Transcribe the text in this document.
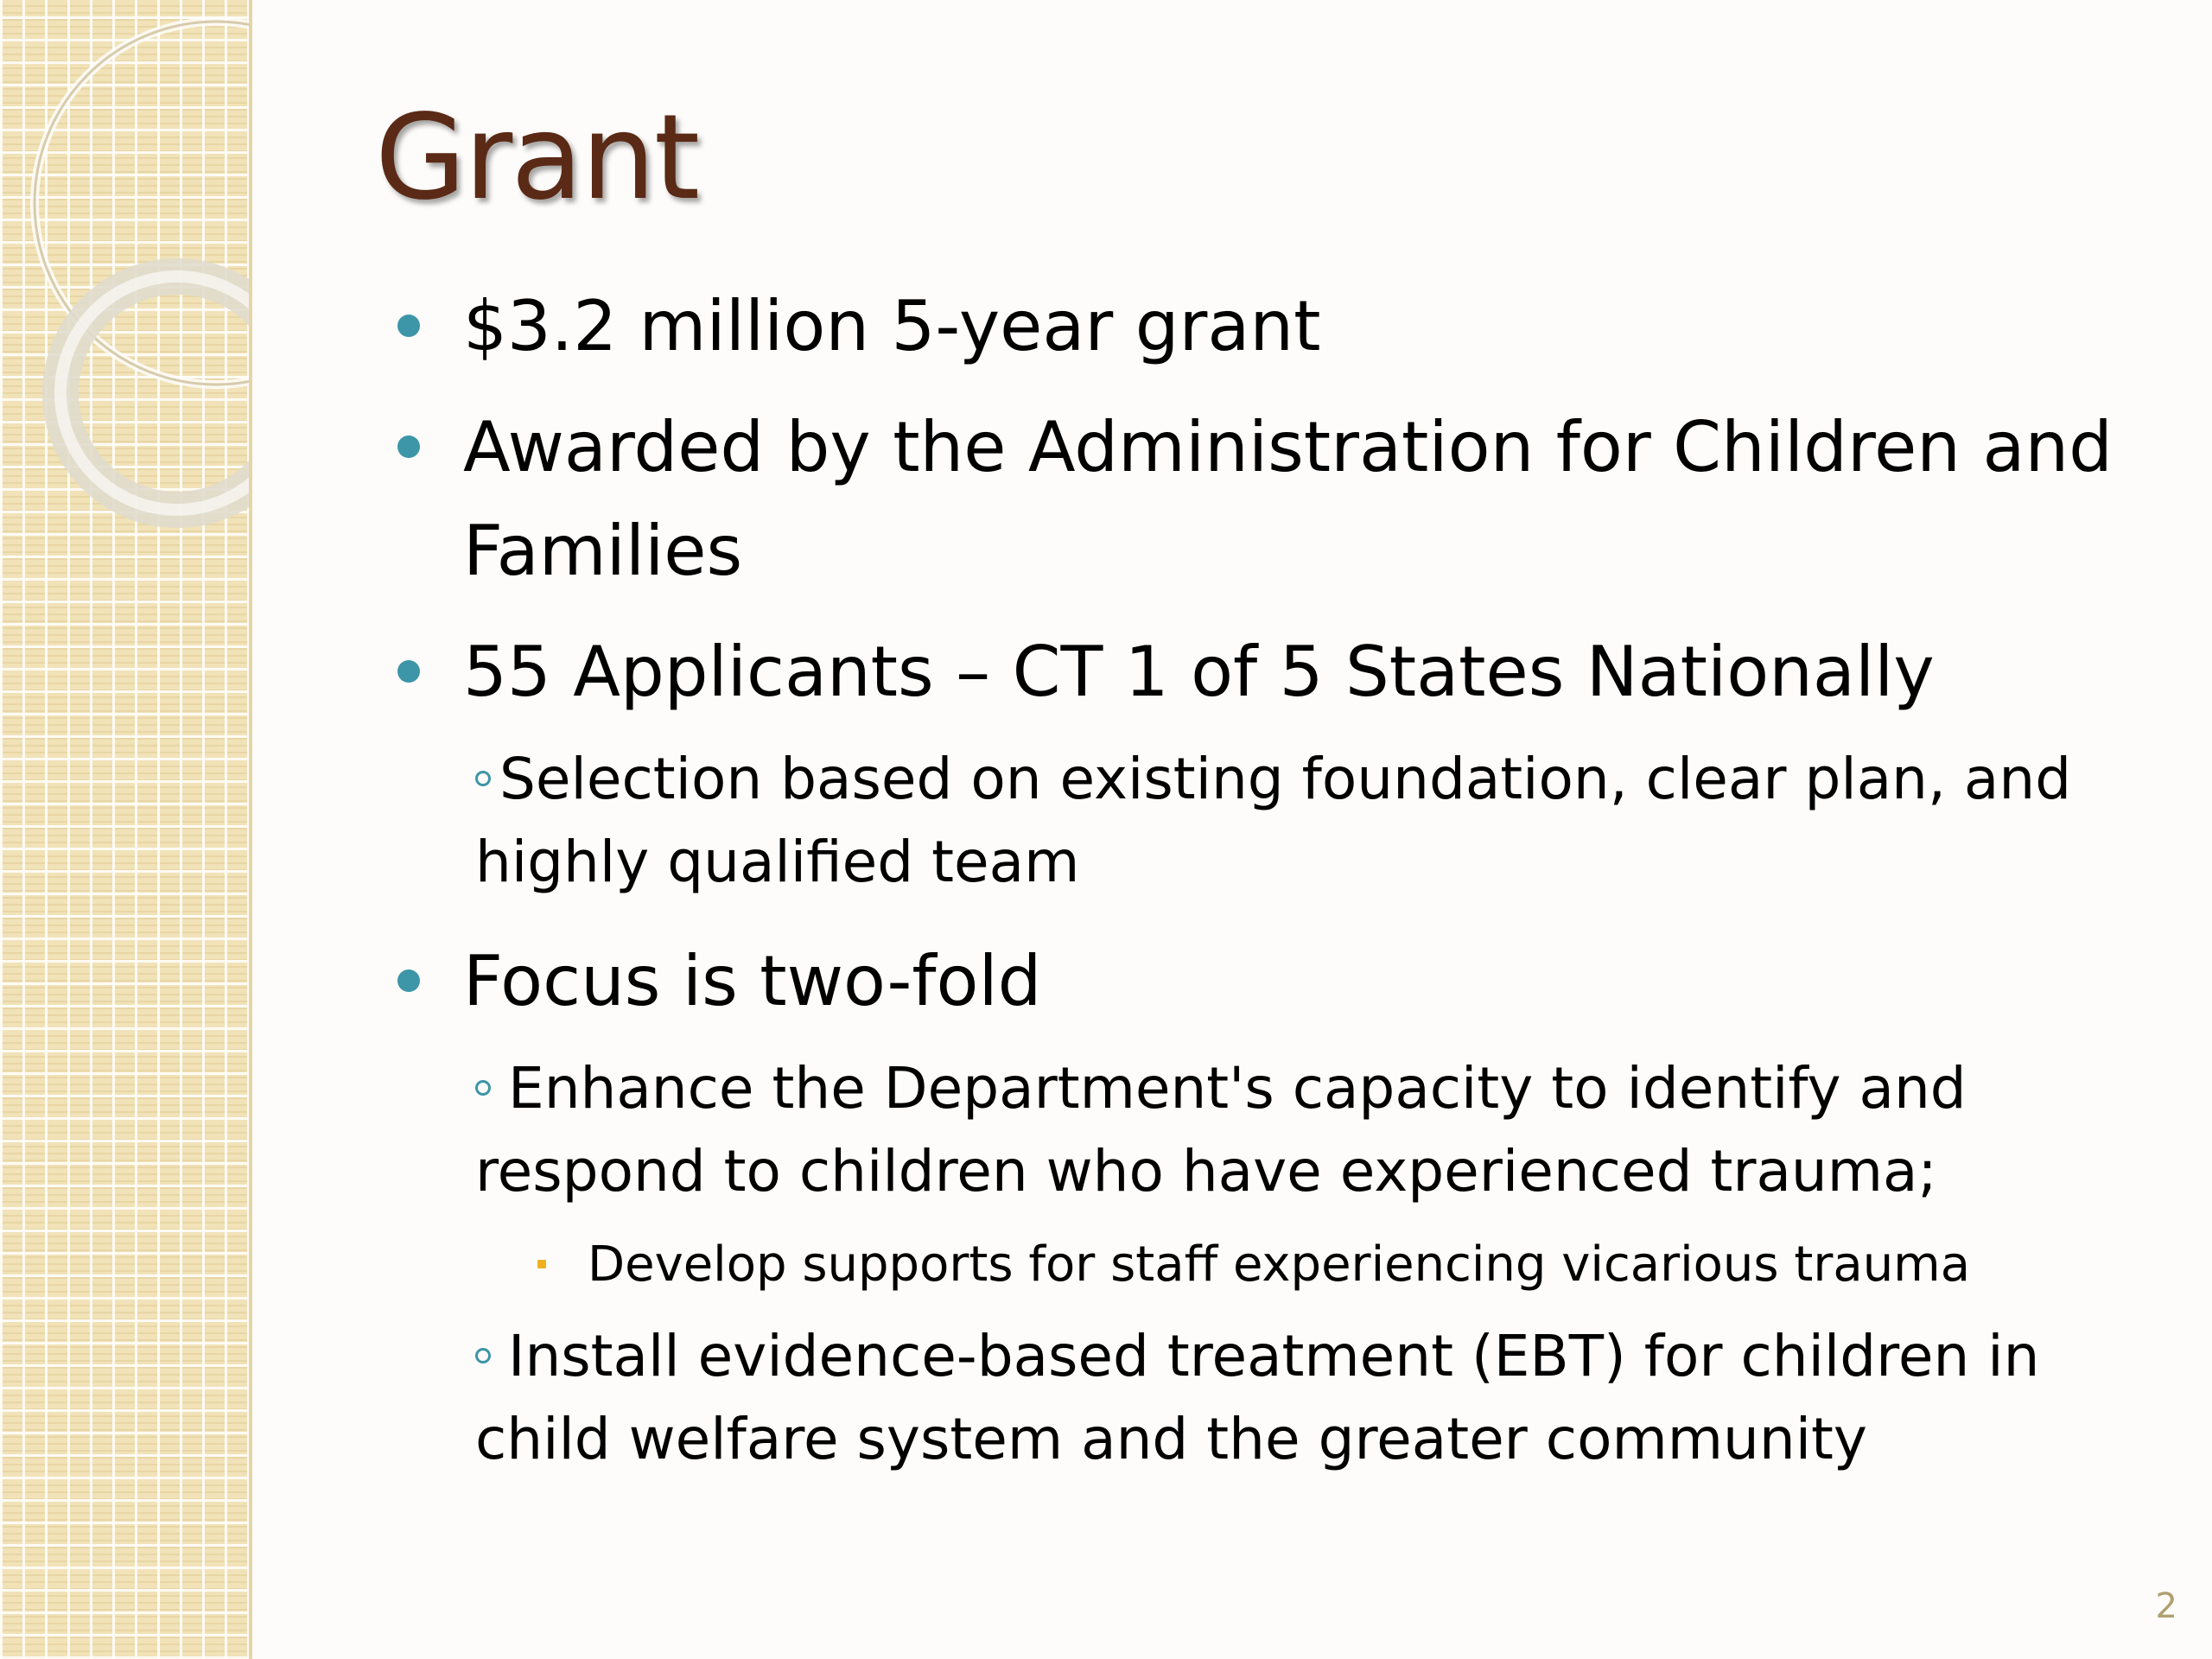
Grant
$3.2 million 5-year grant
Awarded by the Administration for Children and Families
55 Applicants – CT 1 of 5 States Nationally
Selection based on existing foundation, clear plan, and highly qualified team
Focus is two-fold
Enhance the Department's capacity to identify and respond to children who have experienced trauma;
Develop supports for staff experiencing vicarious trauma
Install evidence-based treatment (EBT) for children in child welfare system and the greater community
2
